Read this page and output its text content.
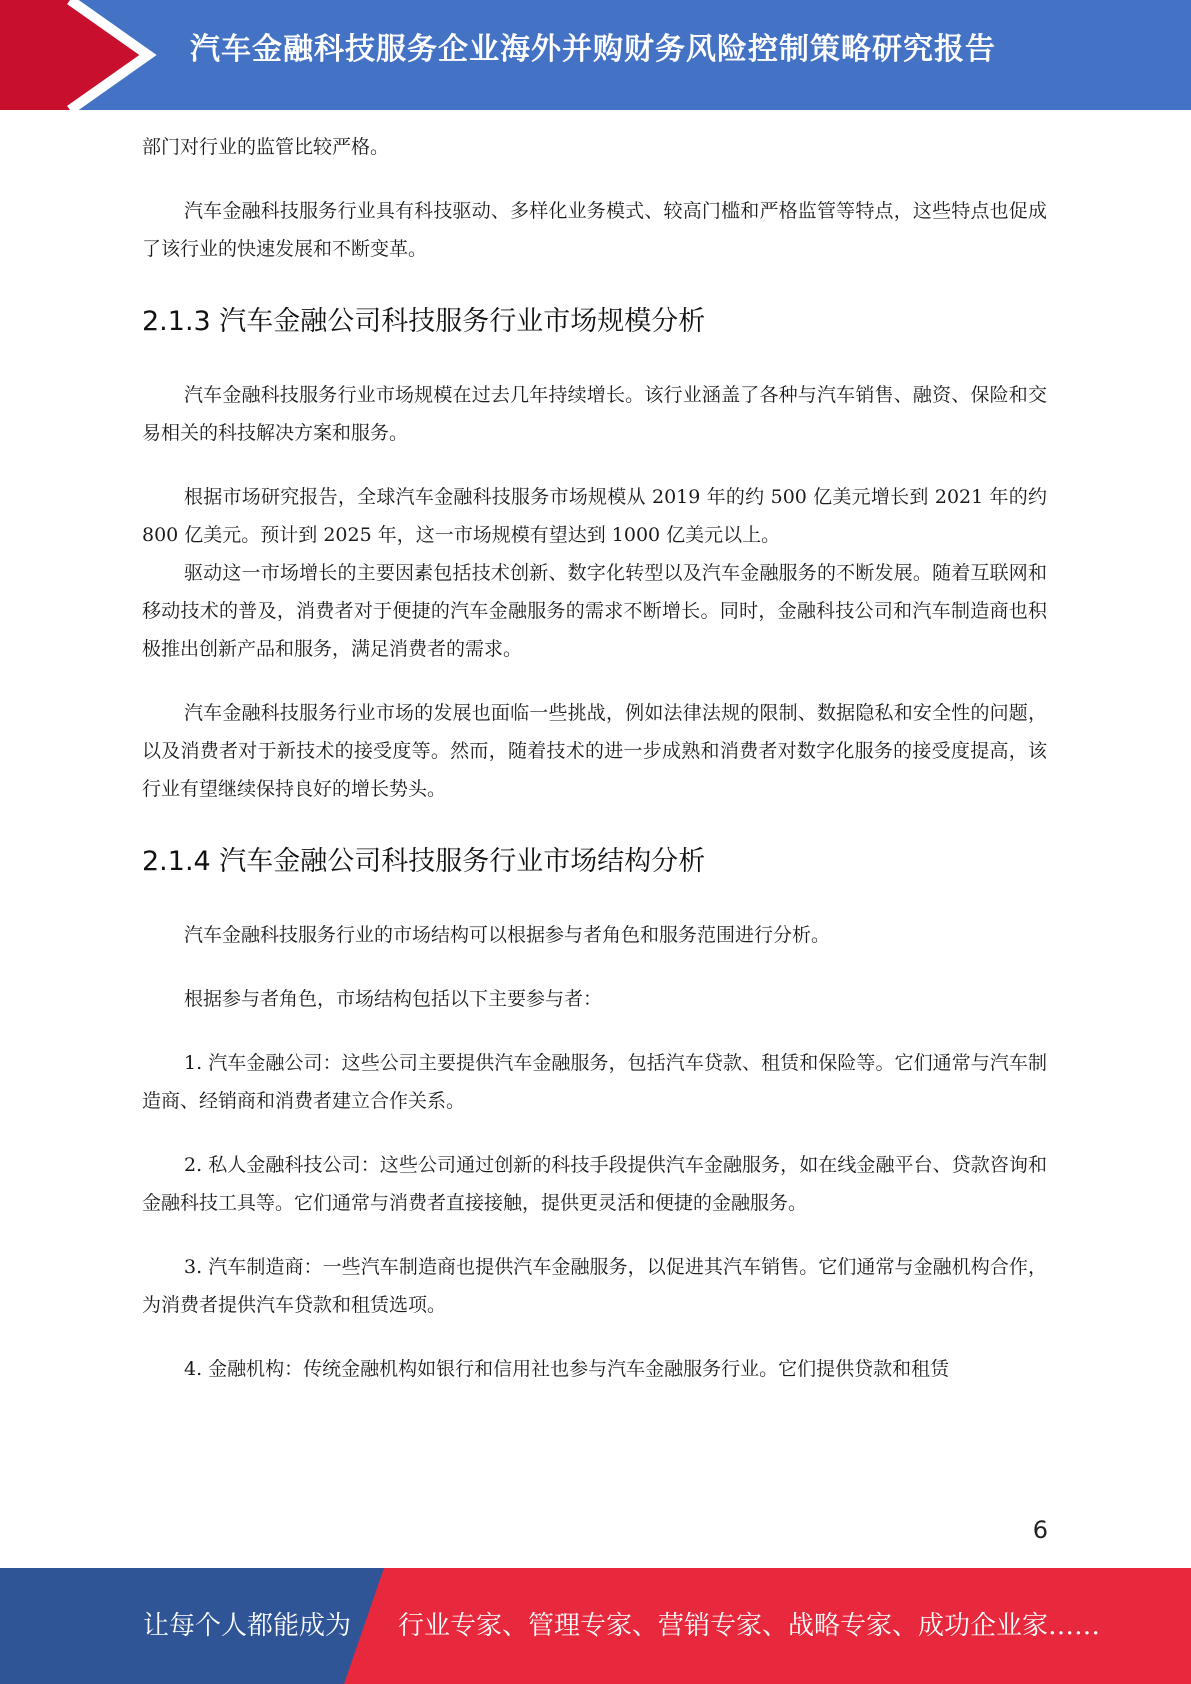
汽车金融科技服务企业海外并购财务风险控制策略研究报告

部门对行业的监管比较严格。

汽车金融科技服务行业具有科技驱动、多样化业务模式、较高门槛和严格监管等特点，这些特点也促成了该行业的快速发展和不断变革。

2.1.3 汽车金融公司科技服务行业市场规模分析

汽车金融科技服务行业市场规模在过去几年持续增长。该行业涵盖了各种与汽车销售、融资、保险和交易相关的科技解决方案和服务。

根据市场研究报告，全球汽车金融科技服务市场规模从 2019 年的约 500 亿美元增长到 2021 年的约 800 亿美元。预计到 2025 年，这一市场规模有望达到 1000 亿美元以上。

驱动这一市场增长的主要因素包括技术创新、数字化转型以及汽车金融服务的不断发展。随着互联网和移动技术的普及，消费者对于便捷的汽车金融服务的需求不断增长。同时，金融科技公司和汽车制造商也积极推出创新产品和服务，满足消费者的需求。

汽车金融科技服务行业市场的发展也面临一些挑战，例如法律法规的限制、数据隐私和安全性的问题，以及消费者对于新技术的接受度等。然而，随着技术的进一步成熟和消费者对数字化服务的接受度提高，该行业有望继续保持良好的增长势头。

2.1.4 汽车金融公司科技服务行业市场结构分析

汽车金融科技服务行业的市场结构可以根据参与者角色和服务范围进行分析。

根据参与者角色，市场结构包括以下主要参与者：

1. 汽车金融公司：这些公司主要提供汽车金融服务，包括汽车贷款、租赁和保险等。它们通常与汽车制造商、经销商和消费者建立合作关系。

2. 私人金融科技公司：这些公司通过创新的科技手段提供汽车金融服务，如在线金融平台、贷款咨询和金融科技工具等。它们通常与消费者直接接触，提供更灵活和便捷的金融服务。

3. 汽车制造商：一些汽车制造商也提供汽车金融服务，以促进其汽车销售。它们通常与金融机构合作，为消费者提供汽车贷款和租赁选项。

4. 金融机构：传统金融机构如银行和信用社也参与汽车金融服务行业。它们提供贷款和租赁

6
让每个人都能成为 行业专家、管理专家、营销专家、战略专家、成功企业家……
